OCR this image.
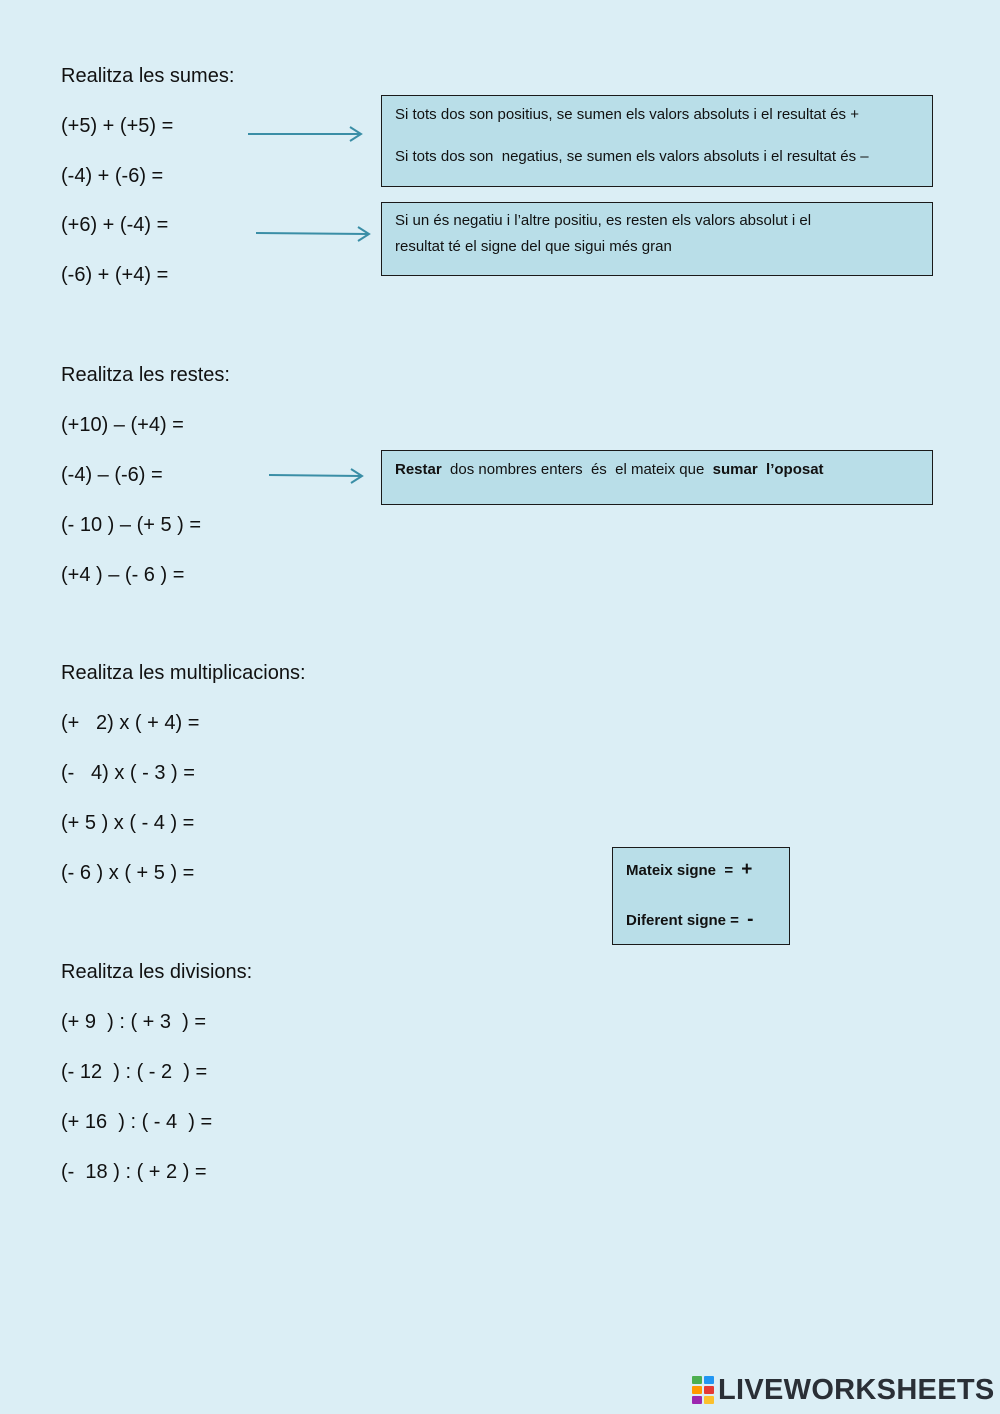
Realitza les sumes:
(+5) + (+5) =
(-4) + (-6) =
(+6) + (-4) =
(-6) + (+4) =
Si tots dos son positius, se sumen els valors absoluts i el resultat és +
Si tots dos son  negatius, se sumen els valors absoluts i el resultat és –
Si un és negatiu i l’altre positiu, es resten els valors absolut i el
resultat té el signe del que sigui més gran
Realitza les restes:
(+10) – (+4) =
(-4) – (-6) =
(- 10 ) – (+ 5 ) =
(+4 ) – (- 6 ) =
Restar  dos nombres enters  és  el mateix que  sumar  l’oposat
Realitza les multiplicacions:
(+   2) x ( + 4) =
(-   4) x ( - 3 ) =
(+ 5 ) x ( - 4 ) =
(- 6 ) x ( + 5 ) =	Mateix signe  = +
Diferent signe = -
Realitza les divisions:
(+ 9  ) : ( + 3  ) =
(- 12  ) : ( - 2  ) =
(+ 16  ) : ( - 4  ) =
(-  18 ) : ( + 2 ) =
LIVEWORKSHEETS
